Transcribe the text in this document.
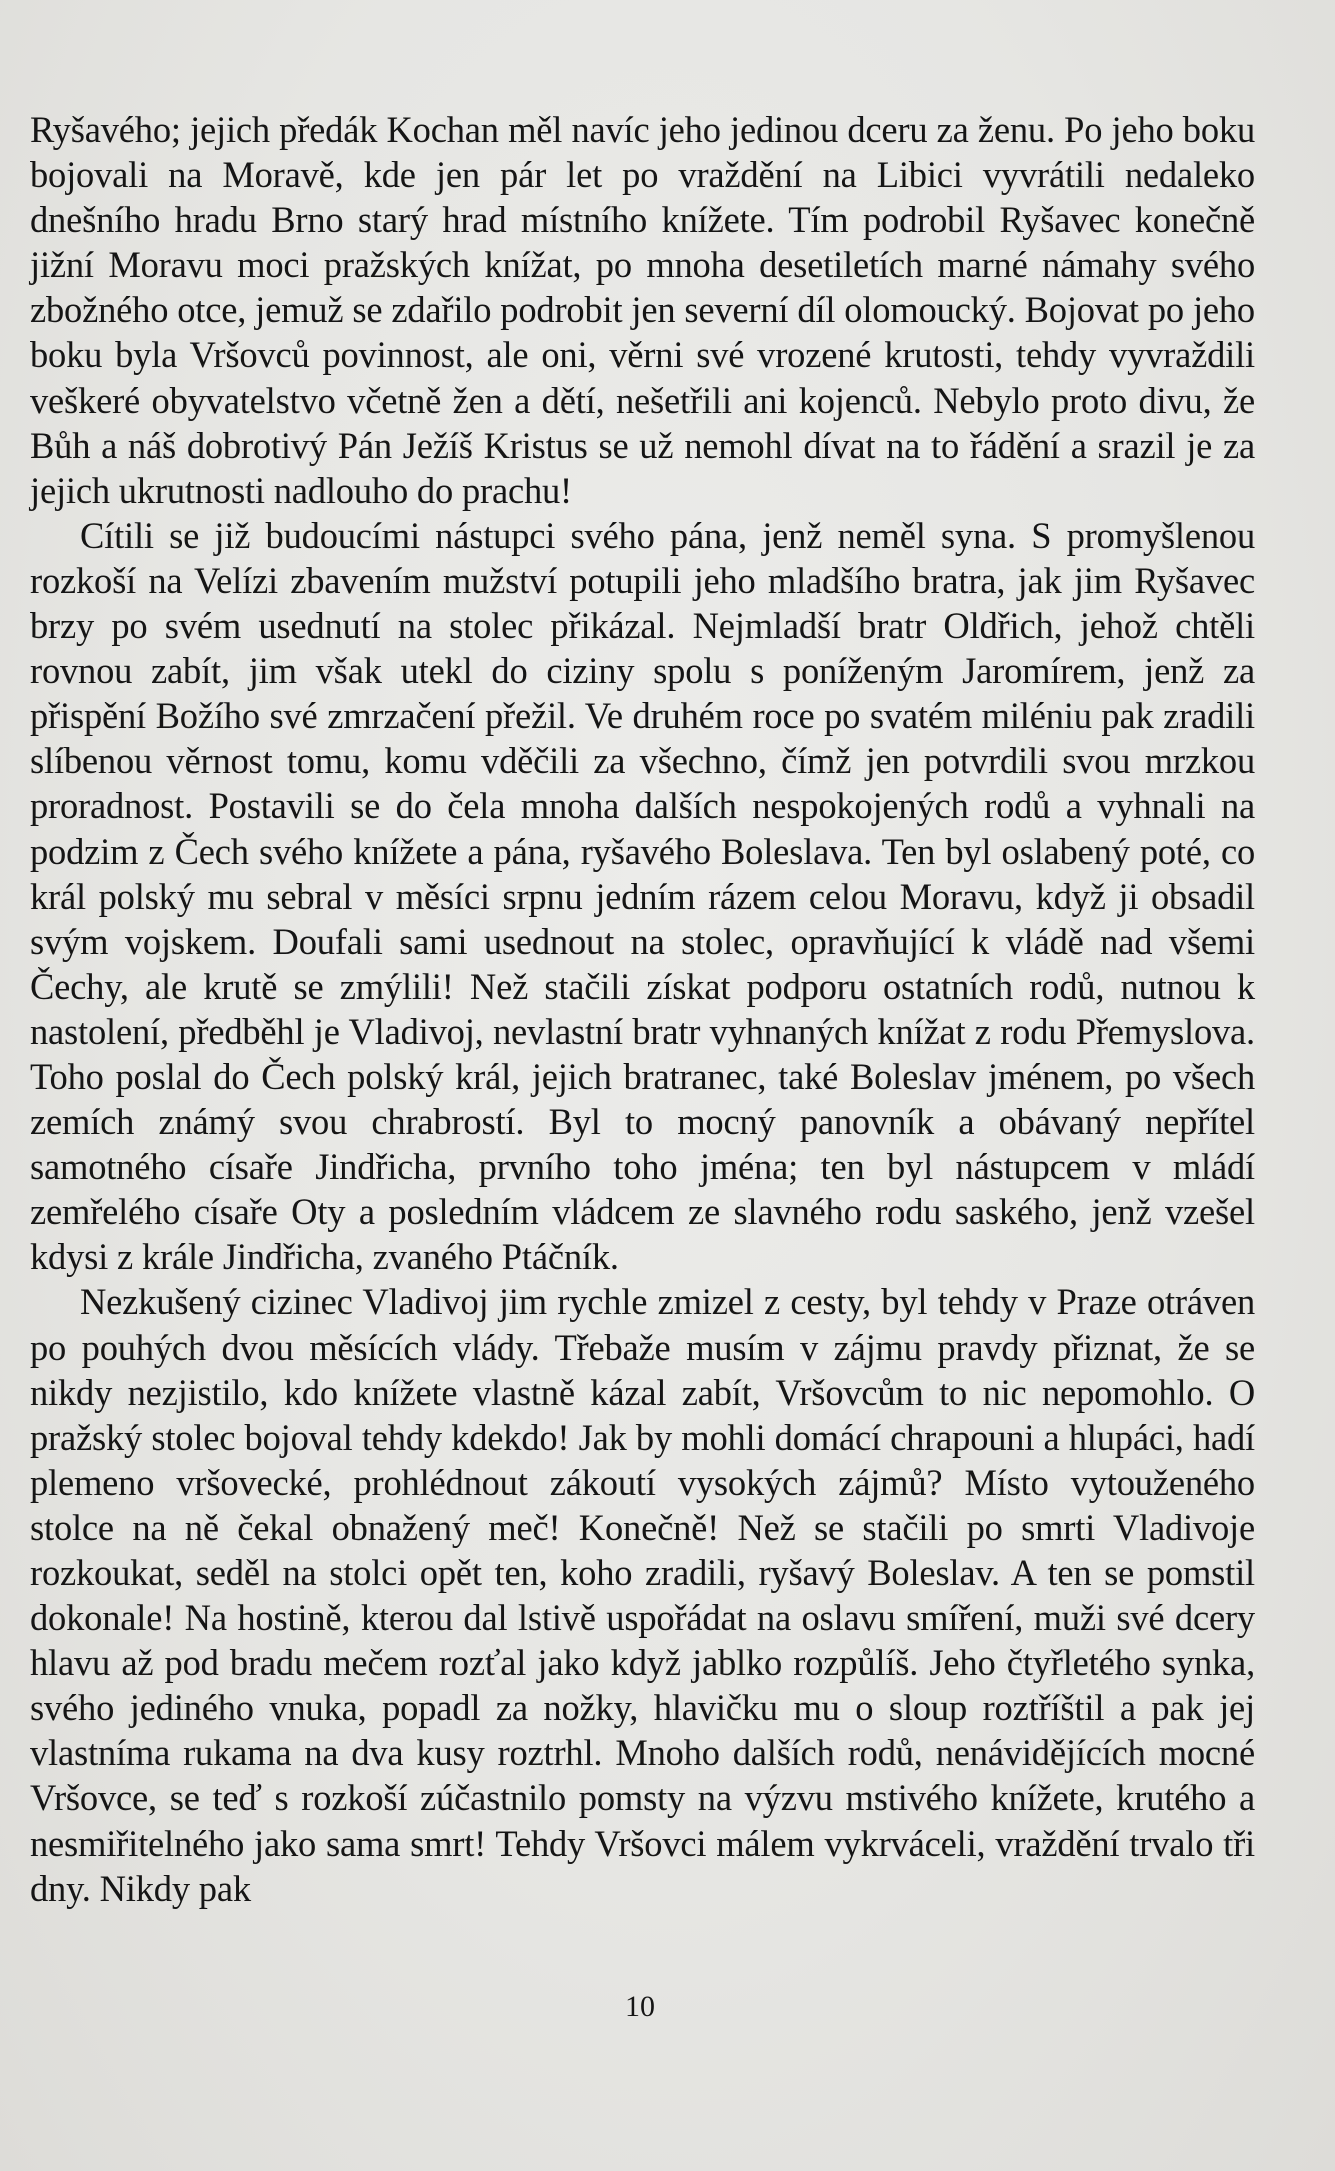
Ryšavého; jejich předák Kochan měl navíc jeho jedinou dceru za ženu. Po jeho boku bojovali na Moravě, kde jen pár let po vraždění na Libici vyvrátili nedaleko dnešního hradu Brno starý hrad místního knížete. Tím podrobil Ryšavec konečně jižní Moravu moci pražských knížat, po mnoha desetiletích marné námahy svého zbožného otce, jemuž se zdařilo podrobit jen severní díl olomoucký. Bojovat po jeho boku byla Vršovců povinnost, ale oni, věrni své vrozené krutosti, tehdy vyvraždili veškeré obyvatelstvo včetně žen a dětí, nešetřili ani kojenců. Nebylo proto divu, že Bůh a náš dobrotivý Pán Ježíš Kristus se už nemohl dívat na to řádění a srazil je za jejich ukrutnosti nadlouho do prachu!

Cítili se již budoucími nástupci svého pána, jenž neměl syna. S promyšlenou rozkoší na Velízi zbavením mužství potupili jeho mladšího bratra, jak jim Ryšavec brzy po svém usednutí na stolec přikázal. Nejmladší bratr Oldřich, jehož chtěli rovnou zabít, jim však utekl do ciziny spolu s poníženým Jaromírem, jenž za přispění Božího své zmrzačení přežil. Ve druhém roce po svatém miléniu pak zradili slíbenou věrnost tomu, komu vděčili za všechno, čímž jen potvrdili svou mrzkou proradnost. Postavili se do čela mnoha dalších nespokojených rodů a vyhnali na podzim z Čech svého knížete a pána, ryšavého Boleslava. Ten byl oslabený poté, co král polský mu sebral v měsíci srpnu jedním rázem celou Moravu, když ji obsadil svým vojskem. Doufali sami usednout na stolec, opravňující k vládě nad všemi Čechy, ale krutě se zmýlili! Než stačili získat podporu ostatních rodů, nutnou k nastolení, předběhl je Vladivoj, nevlastní bratr vyhnaných knížat z rodu Přemyslova. Toho poslal do Čech polský král, jejich bratranec, také Boleslav jménem, po všech zemích známý svou chrabrostí. Byl to mocný panovník a obávaný nepřítel samotného císaře Jindřicha, prvního toho jména; ten byl nástupcem v mládí zemřelého císaře Oty a posledním vládcem ze slavného rodu saského, jenž vzešel kdysi z krále Jindřicha, zvaného Ptáčník.

Nezkušený cizinec Vladivoj jim rychle zmizel z cesty, byl tehdy v Praze otráven po pouhých dvou měsících vlády. Třebaže musím v zájmu pravdy přiznat, že se nikdy nezjistilo, kdo knížete vlastně kázal zabít, Vršovcům to nic nepomohlo. O pražský stolec bojoval tehdy kdekdo! Jak by mohli domácí chrapouni a hlupáci, hadí plemeno vršovecké, prohlédnout zákoutí vysokých zájmů? Místo vytouženého stolce na ně čekal obnažený meč! Konečně! Než se stačili po smrti Vladivoje rozkoukat, seděl na stolci opět ten, koho zradili, ryšavý Boleslav. A ten se pomstil dokonale! Na hostině, kterou dal lstivě uspořádat na oslavu smíření, muži své dcery hlavu až pod bradu mečem rozťal jako když jablko rozpůlíš. Jeho čtyřletého synka, svého jediného vnuka, popadl za nožky, hlavičku mu o sloup roztříštil a pak jej vlastníma rukama na dva kusy roztrhl. Mnoho dalších rodů, nenávidějících mocné Vršovce, se teď s rozkoší zúčastnilo pomsty na výzvu mstivého knížete, krutého a nesmiřitelného jako sama smrt! Tehdy Vršovci málem vykrváceli, vraždění trvalo tři dny. Nikdy pak

10
